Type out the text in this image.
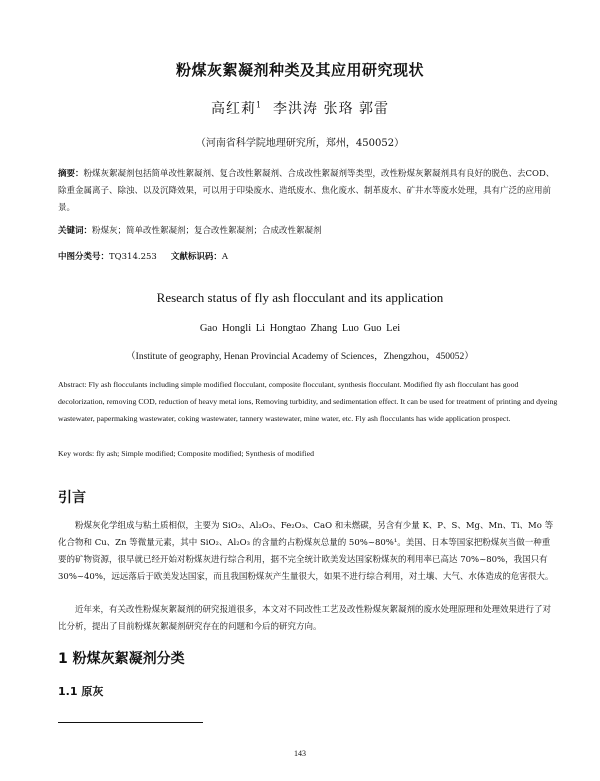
粉煤灰絮凝剂种类及其应用研究现状
高红莉$^1$ 李洪涛 张珞 郭雷
（河南省科学院地理研究所，郑州，450052）
摘要：粉煤灰絮凝剂包括简单改性絮凝剂、复合改性絮凝剂、合成改性絮凝剂等类型，改性粉煤灰絮凝剂具有良好的脱色、去COD、除重金属离子、除浊、以及沉降效果，可以用于印染废水、造纸废水、焦化废水、制革废水、矿井水等废水处理，具有广泛的应用前景。
关键词：粉煤灰；简单改性絮凝剂；复合改性絮凝剂；合成改性絮凝剂
中图分类号：TQ314.253 文献标识码：A
Research status of fly ash flocculant and its application
Gao Hongli Li Hongtao Zhang Luo Guo Lei
（Institute of geography, Henan Provincial Academy of Sciences，Zhengzhou，450052）
Abstract: Fly ash flocculants including simple modified flocculant, composite flocculant, synthesis flocculant. Modified fly ash flocculant has good decolorization, removing COD, reduction of heavy metal ions, Removing turbidity, and sedimentation effect. It can be used for treatment of printing and dyeing wastewater, papermaking wastewater, coking wastewater, tannery wastewater, mine water, etc. Fly ash flocculants has wide application prospect.
Key words: fly ash; Simple modified; Composite modified; Synthesis of modified
引言
粉煤灰化学组成与粘土质相似，主要为 SiO₂、Al₂O₃、Fe₂O₃、CaO 和未燃碳，另含有少量 K、P、S、Mg、Mn、Ti、Mo 等化合物和 Cu、Zn 等微量元素，其中 SiO₂、Al₂O₃ 的含量约占粉煤灰总量的 50%~80%¹。美国、日本等国家把粉煤灰当做一种重要的矿物资源，很早就已经开始对粉煤灰进行综合利用，据不完全统计欧美发达国家粉煤灰的利用率已高达 70%~80%，我国只有 30%~40%，远远落后于欧美发达国家，而且我国粉煤灰产生量很大，如果不进行综合利用，对土壤、大气、水体造成的危害很大。
近年来，有关改性粉煤灰絮凝剂的研究报道很多，本文对不同改性工艺及改性粉煤灰絮凝剂的废水处理原理和处理效果进行了对比分析，提出了目前粉煤灰絮凝剂研究存在的问题和今后的研究方向。
1 粉煤灰絮凝剂分类
1.1 原灰
143
